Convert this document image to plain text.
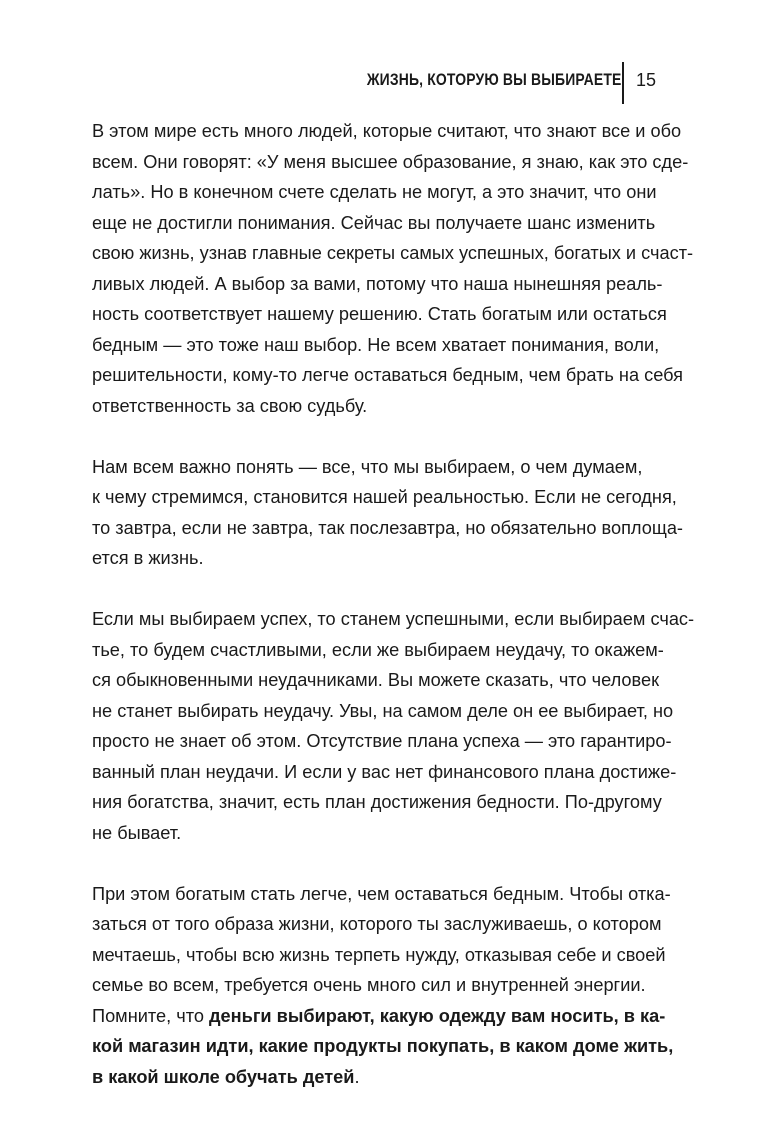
ЖИЗНЬ, КОТОРУЮ ВЫ ВЫБИРАЕТЕ 15

В этом мире есть много людей, которые считают, что знают все и обо
всем. Они говорят: «У меня высшее образование, я знаю, как это сде-
лать». Но в конечном счете сделать не могут, а это значит, что они
еще не достигли понимания. Сейчас вы получаете шанс изменить
свою жизнь, узнав главные секреты самых успешных, богатых и счаст-
ливых людей. А выбор за вами, потому что наша нынешняя реаль-
ность соответствует нашему решению. Стать богатым или остаться
бедным — это тоже наш выбор. Не всем хватает понимания, воли,
решительности, кому-то легче оставаться бедным, чем брать на себя
ответственность за свою судьбу.

Нам всем важно понять — все, что мы выбираем, о чем думаем,
к чему стремимся, становится нашей реальностью. Если не сегодня,
то завтра, если не завтра, так послезавтра, но обязательно воплоща-
ется в жизнь.

Если мы выбираем успех, то станем успешными, если выбираем счас-
тье, то будем счастливыми, если же выбираем неудачу, то окажем-
ся обыкновенными неудачниками. Вы можете сказать, что человек
не станет выбирать неудачу. Увы, на самом деле он ее выбирает, но
просто не знает об этом. Отсутствие плана успеха — это гарантиро-
ванный план неудачи. И если у вас нет финансового плана достиже-
ния богатства, значит, есть план достижения бедности. По-другому
не бывает.

При этом богатым стать легче, чем оставаться бедным. Чтобы отка-
заться от того образа жизни, которого ты заслуживаешь, о котором
мечтаешь, чтобы всю жизнь терпеть нужду, отказывая себе и своей
семье во всем, требуется очень много сил и внутренней энергии.
Помните, что деньги выбирают, какую одежду вам носить, в ка-
кой магазин идти, какие продукты покупать, в каком доме жить,
в какой школе обучать детей.
